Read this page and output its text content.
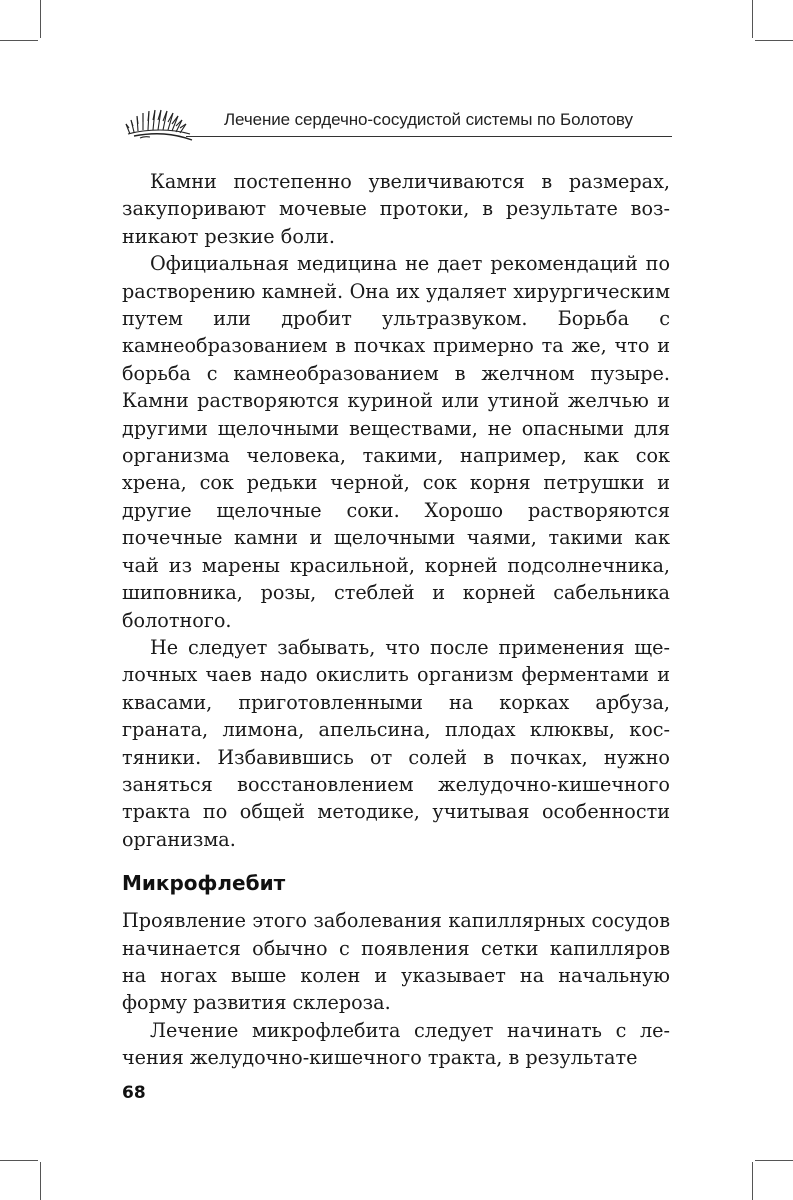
Лечение сердечно-сосудистой системы по Болотову

Камни постепенно увеличиваются в размерах, закупоривают мочевые протоки, в результате возникают резкие боли.

Официальная медицина не дает рекомендаций по растворению камней. Она их удаляет хирургическим путем или дробит ультразвуком. Борьба с камнеобразованием в почках примерно та же, что и борьба с камнеобразованием в желчном пузыре. Камни растворяются куриной или утиной желчью и другими щелочными веществами, не опасными для организма человека, такими, например, как сок хрена, сок редьки черной, сок корня петрушки и другие щелочные соки. Хорошо растворяются почечные камни и щелочными чаями, такими как чай из марены красильной, корней подсолнечника, шиповника, розы, стеблей и корней сабельника болотного.

Не следует забывать, что после применения щелочных чаев надо окислить организм ферментами и квасами, приготовленными на корках арбуза, граната, лимона, апельсина, плодах клюквы, костяники. Избавившись от солей в почках, нужно заняться восстановлением желудочно-кишечного тракта по общей методике, учитывая особенности организма.

Микрофлебит

Проявление этого заболевания капиллярных сосудов начинается обычно с появления сетки капилляров на ногах выше колен и указывает на начальную форму развития склероза.

Лечение микрофлебита следует начинать с лечения желудочно-кишечного тракта, в результате

68
